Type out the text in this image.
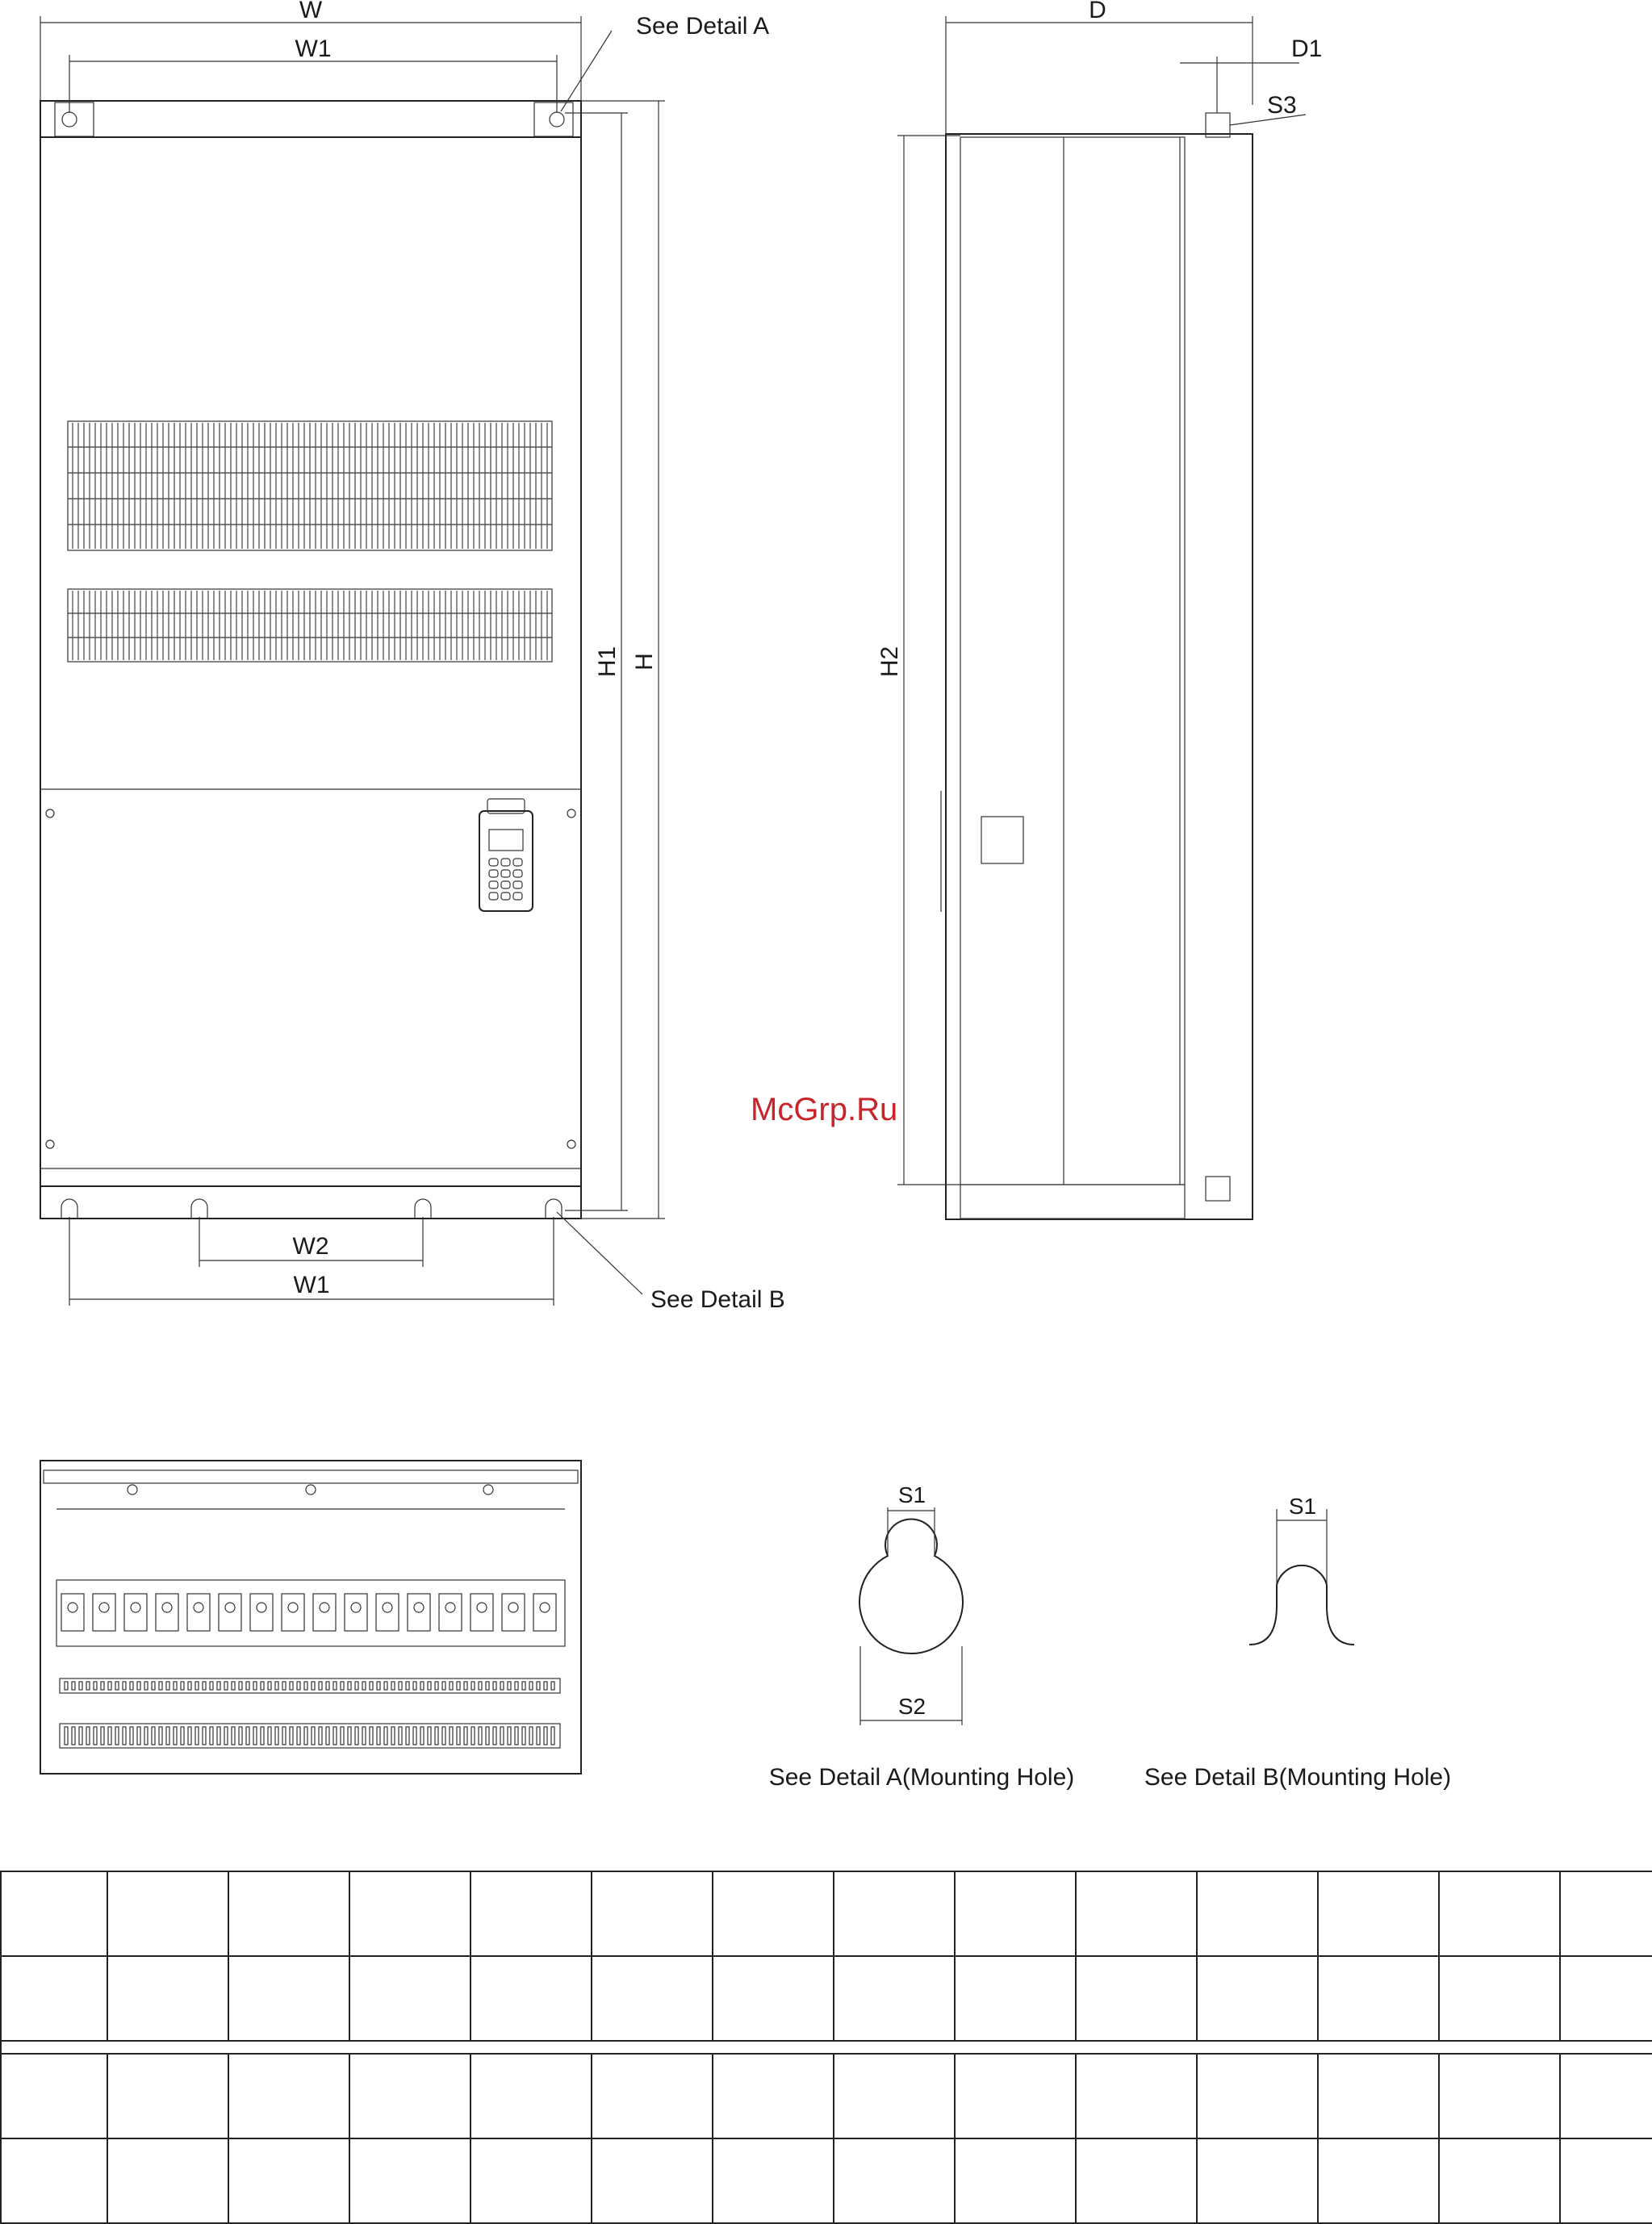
W
W1
W2
W1
H1 H
See Detail A
See Detail B
D
D1
S3
H2
McGrp.Ru
S1
S2
See Detail A(Mounting Hole)
S1
See Detail B(Mounting Hole)
